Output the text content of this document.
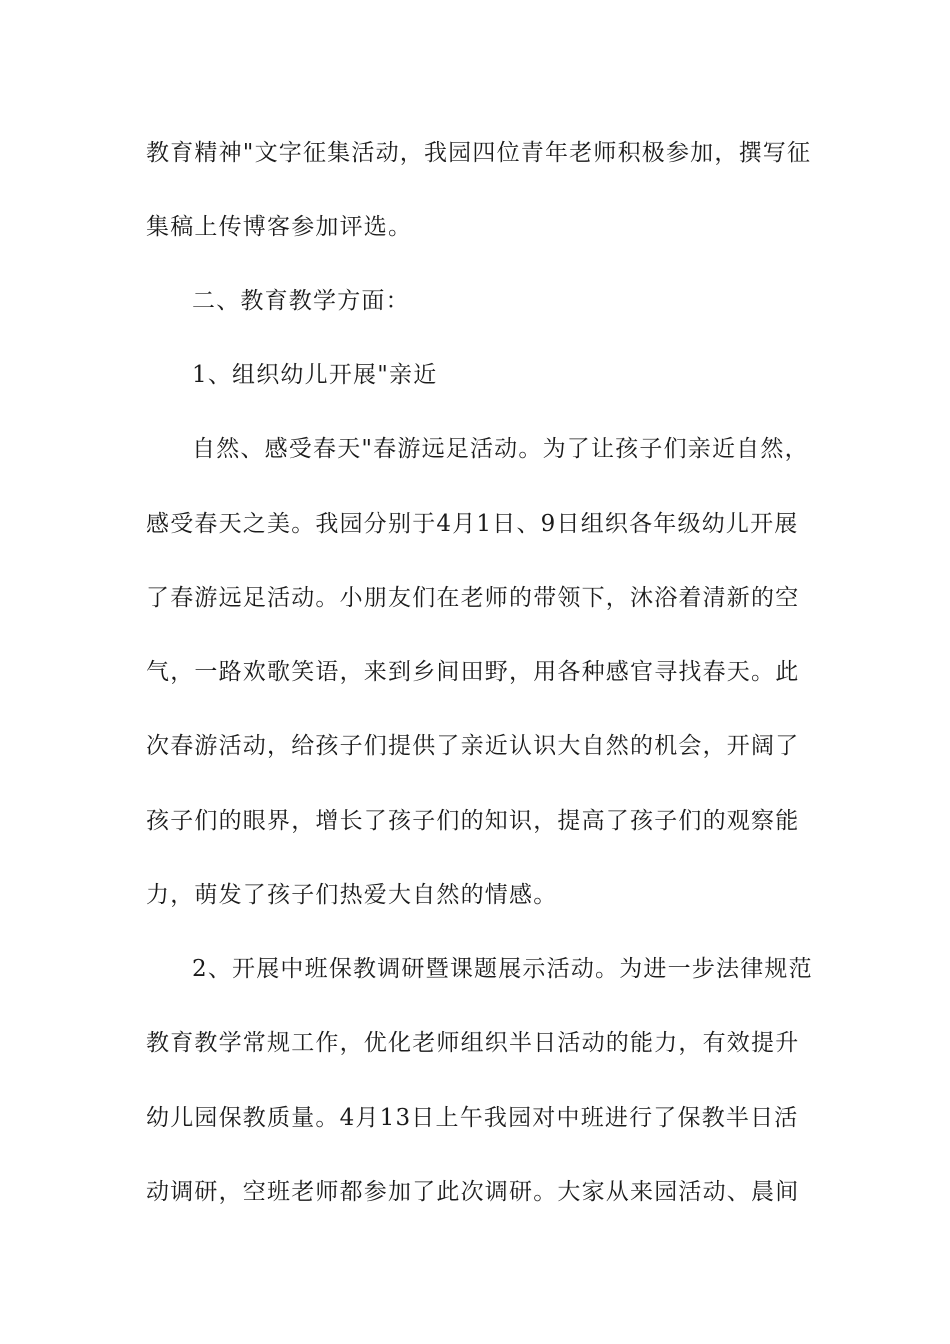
教育精神"文字征集活动，我园四位青年老师积极参加，撰写征
集稿上传博客参加评选。
二、教育教学方面：
1、组织幼儿开展"亲近
自然、感受春天"春游远足活动。为了让孩子们亲近自然，
感受春天之美。我园分别于4月1日、9日组织各年级幼儿开展
了春游远足活动。小朋友们在老师的带领下，沐浴着清新的空
气，一路欢歌笑语，来到乡间田野，用各种感官寻找春天。此
次春游活动，给孩子们提供了亲近认识大自然的机会，开阔了
孩子们的眼界，增长了孩子们的知识，提高了孩子们的观察能
力，萌发了孩子们热爱大自然的情感。
2、开展中班保教调研暨课题展示活动。为进一步法律规范
教育教学常规工作，优化老师组织半日活动的能力，有效提升
幼儿园保教质量。4月13日上午我园对中班进行了保教半日活
动调研，空班老师都参加了此次调研。大家从来园活动、晨间
